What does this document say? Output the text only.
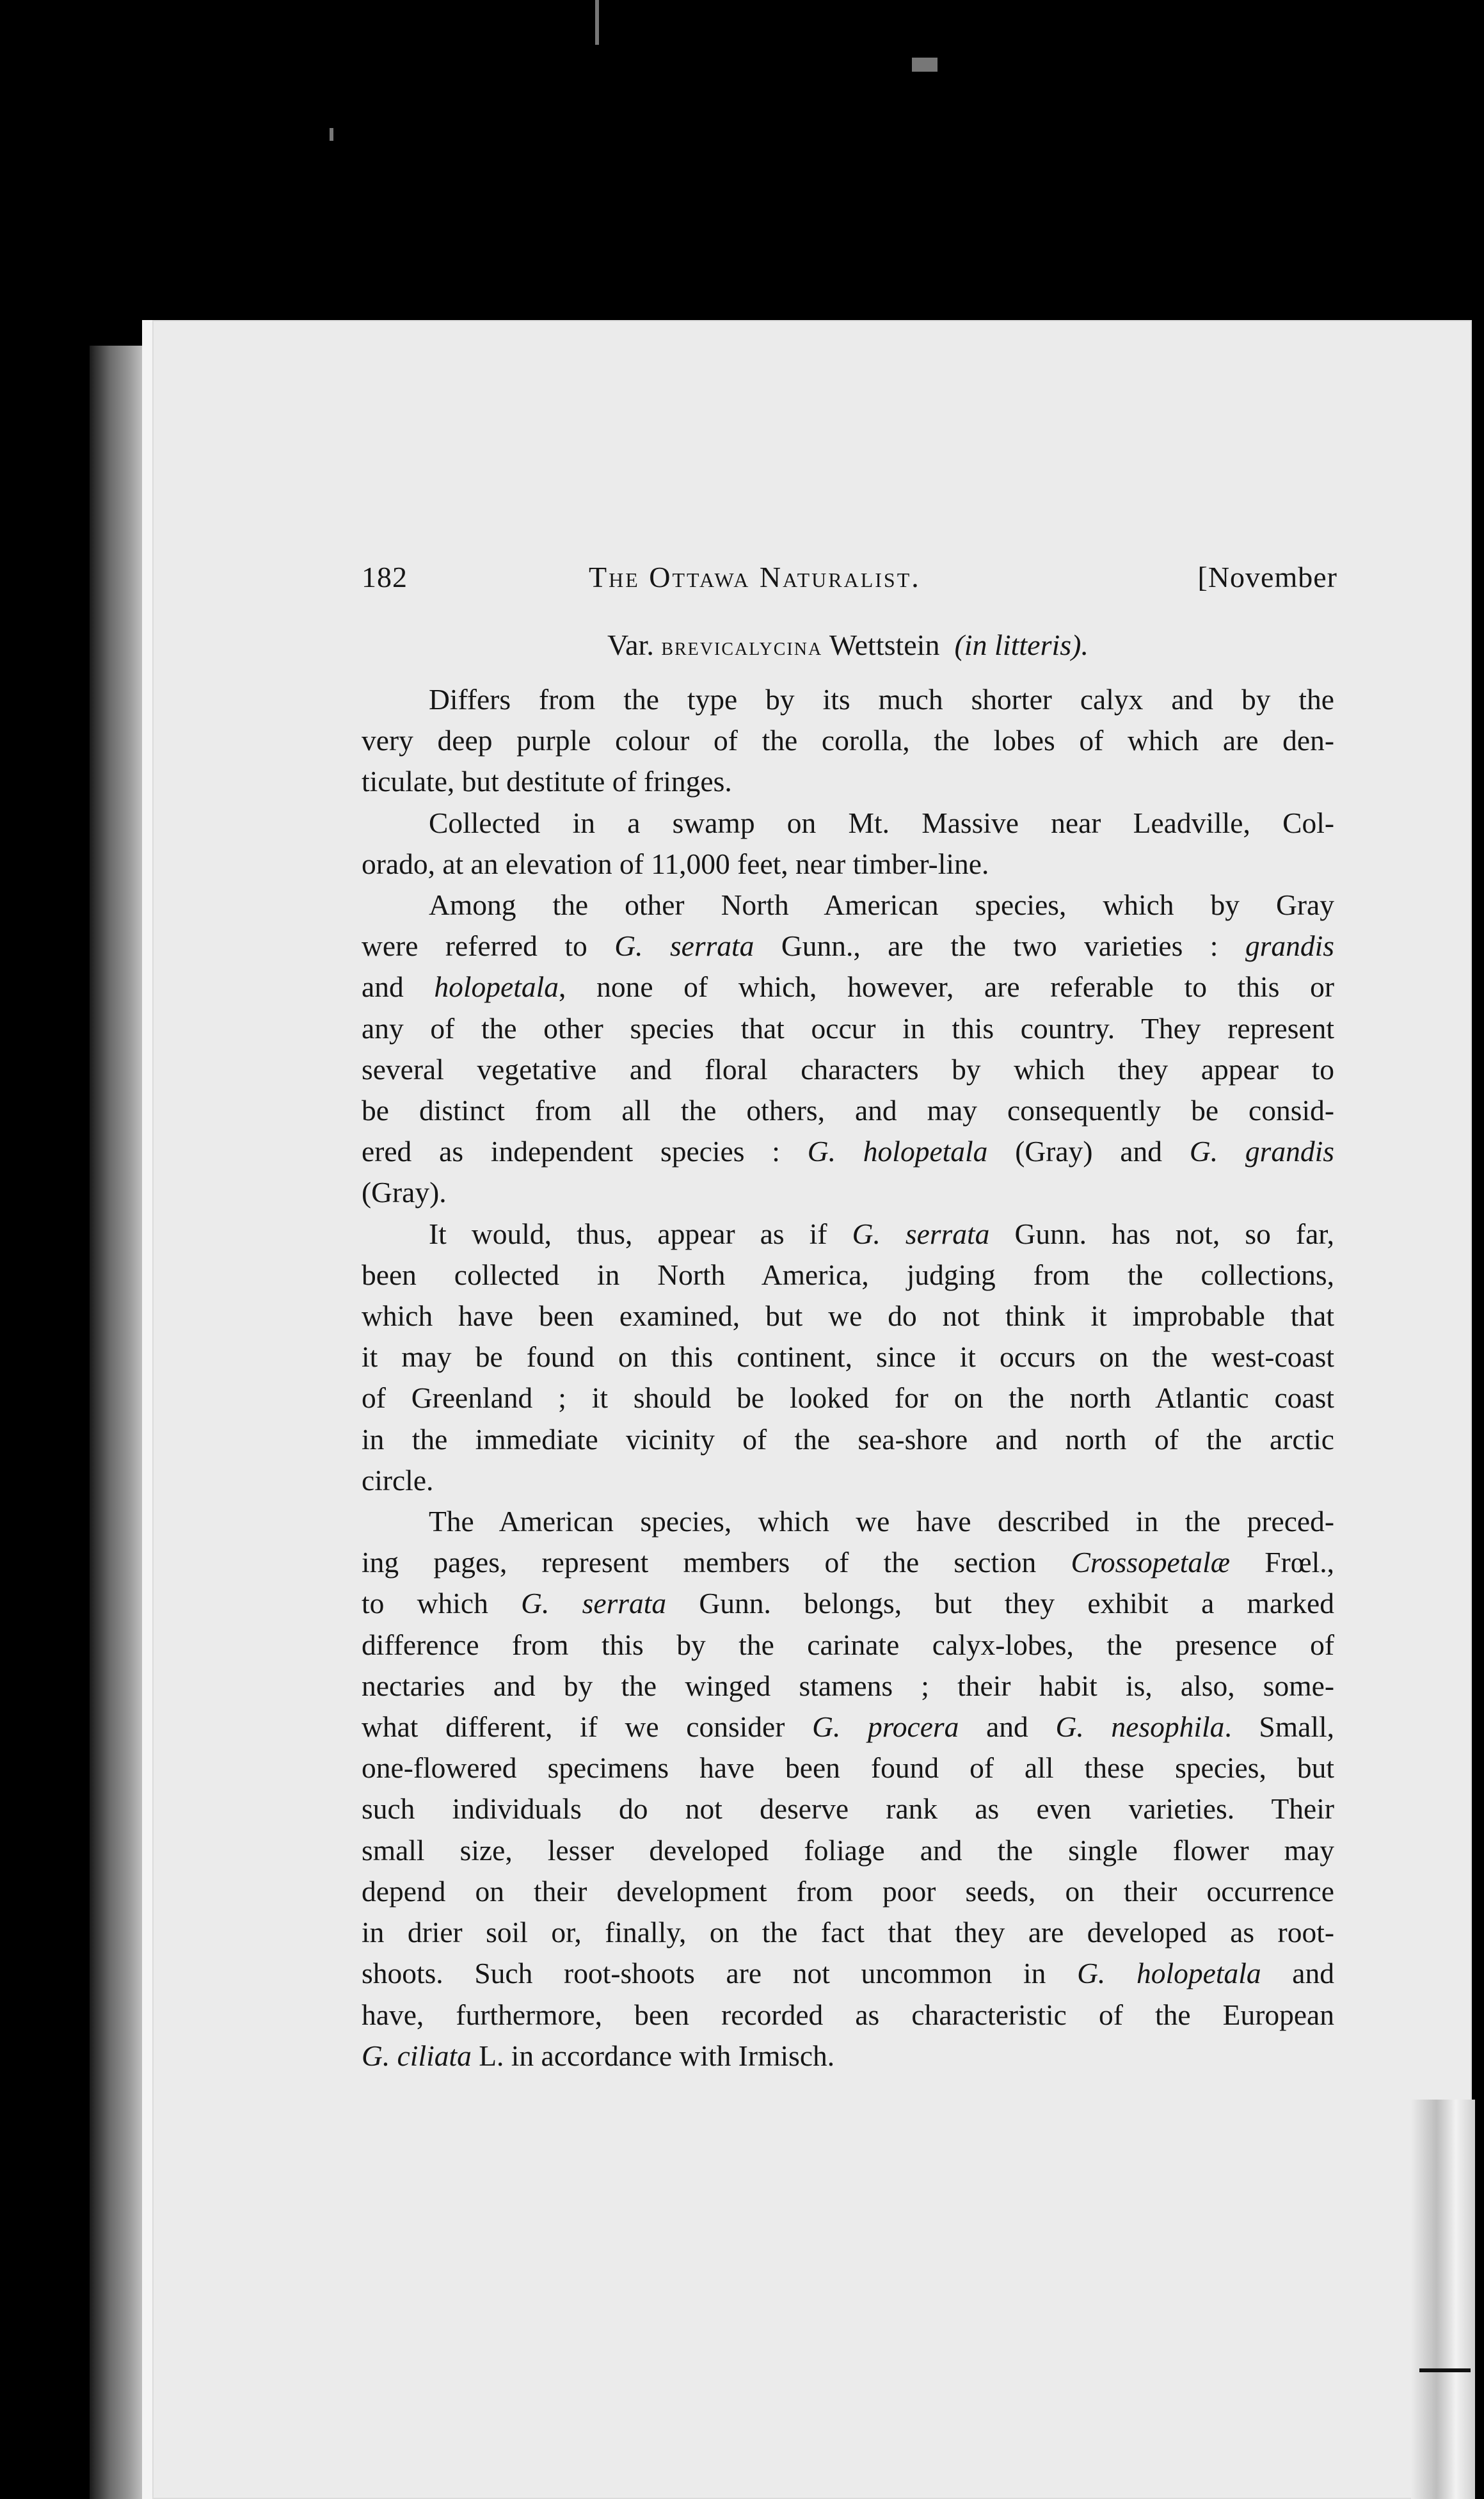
182	The Ottawa Naturalist.	[November
Var. brevicalycina Wettstein (in litteris).
Differs from the type by its much shorter calyx and by the
very deep purple colour of the corolla, the lobes of which are den-
ticulate, but destitute of fringes.
Collected in a swamp on Mt. Massive near Leadville, Col-
orado, at an elevation of 11,000 feet, near timber-line.
Among the other North American species, which by Gray
were referred to G. serrata Gunn., are the two varieties : grandis
and holopetala, none of which, however, are referable to this or
any of the other species that occur in this country. They represent
several vegetative and floral characters by which they appear to
be distinct from all the others, and may consequently be consid-
ered as independent species : G. holopetala (Gray) and G. grandis
(Gray).
It would, thus, appear as if G. serrata Gunn. has not, so far,
been collected in North America, judging from the collections,
which have been examined, but we do not think it improbable that
it may be found on this continent, since it occurs on the west-coast
of Greenland ; it should be looked for on the north Atlantic coast
in the immediate vicinity of the sea-shore and north of the arctic
circle.
The American species, which we have described in the preced-
ing pages, represent members of the section Crossopetalæ Frœl.,
to which G. serrata Gunn. belongs, but they exhibit a marked
difference from this by the carinate calyx-lobes, the presence of
nectaries and by the winged stamens ; their habit is, also, some-
what different, if we consider G. procera and G. nesophila. Small,
one-flowered specimens have been found of all these species, but
such individuals do not deserve rank as even varieties. Their
small size, lesser developed foliage and the single flower may
depend on their development from poor seeds, on their occurrence
in drier soil or, finally, on the fact that they are developed as root-
shoots. Such root-shoots are not uncommon in G. holopetala and
have, furthermore, been recorded as characteristic of the European
G. ciliata L. in accordance with Irmisch.
